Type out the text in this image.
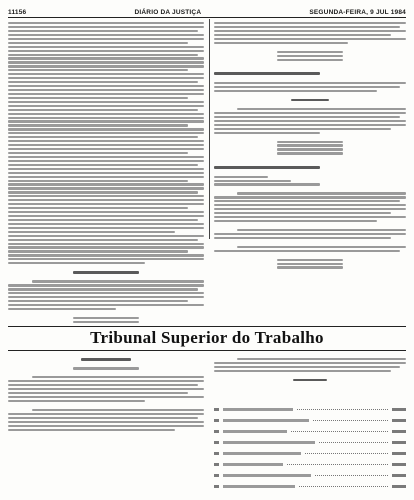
11156	DIÁRIO DA JUSTIÇA	SEGUNDA-FEIRA, 9 JUL 1984
Tribunal Superior do Trabalho
